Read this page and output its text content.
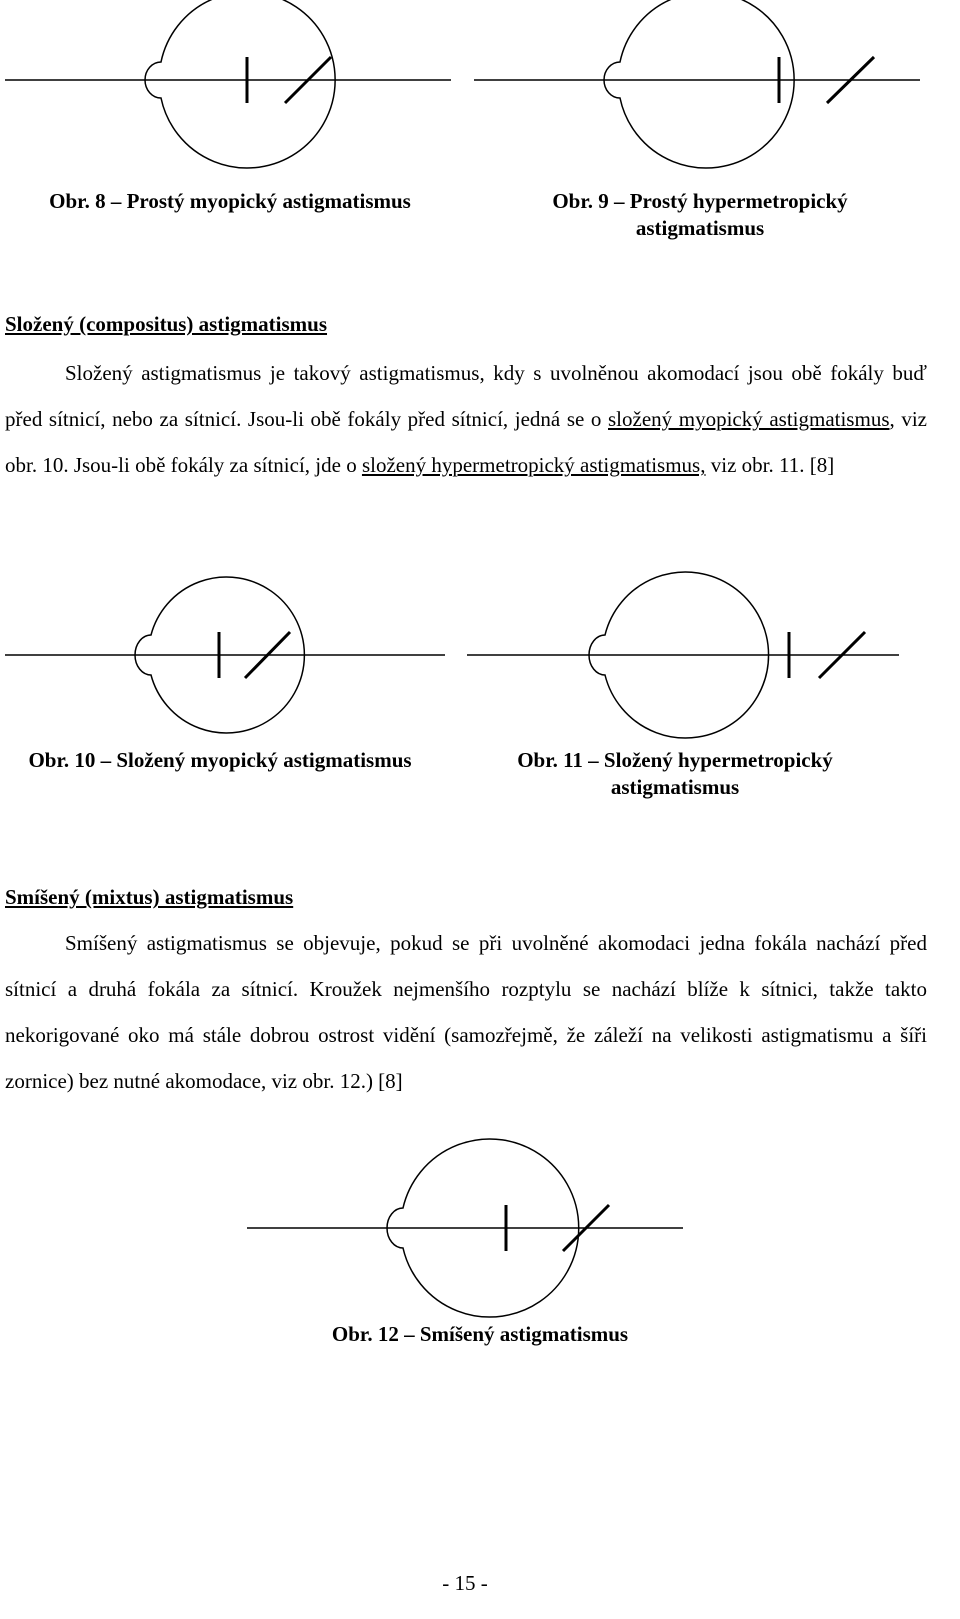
Obr. 8 – Prostý myopický astigmatismus	Obr. 9 – Prostý hypermetropický
astigmatismus
Složený (compositus) astigmatismus

Složený astigmatismus je takový astigmatismus, kdy s uvolněnou akomodací jsou obě fokály buď před sítnicí, nebo za sítnicí. Jsou-li obě fokály před sítnicí, jedná se o složený myopický astigmatismus, viz obr. 10. Jsou-li obě fokály za sítnicí, jde o složený hypermetropický astigmatismus, viz obr. 11. [8]

Obr. 10 – Složený myopický astigmatismus	Obr. 11 – Složený hypermetropický
astigmatismus
Smíšený (mixtus) astigmatismus

Smíšený astigmatismus se objevuje, pokud se při uvolněné akomodaci jedna fokála nachází před sítnicí a druhá fokála za sítnicí. Kroužek nejmenšího rozptylu se nachází blíže k sítnici, takže takto nekorigované oko má stále dobrou ostrost vidění (samozřejmě, že záleží na velikosti astigmatismu a šíři zornice) bez nutné akomodace, viz obr. 12.) [8]

Obr. 12 – Smíšený astigmatismus
- 15 -
